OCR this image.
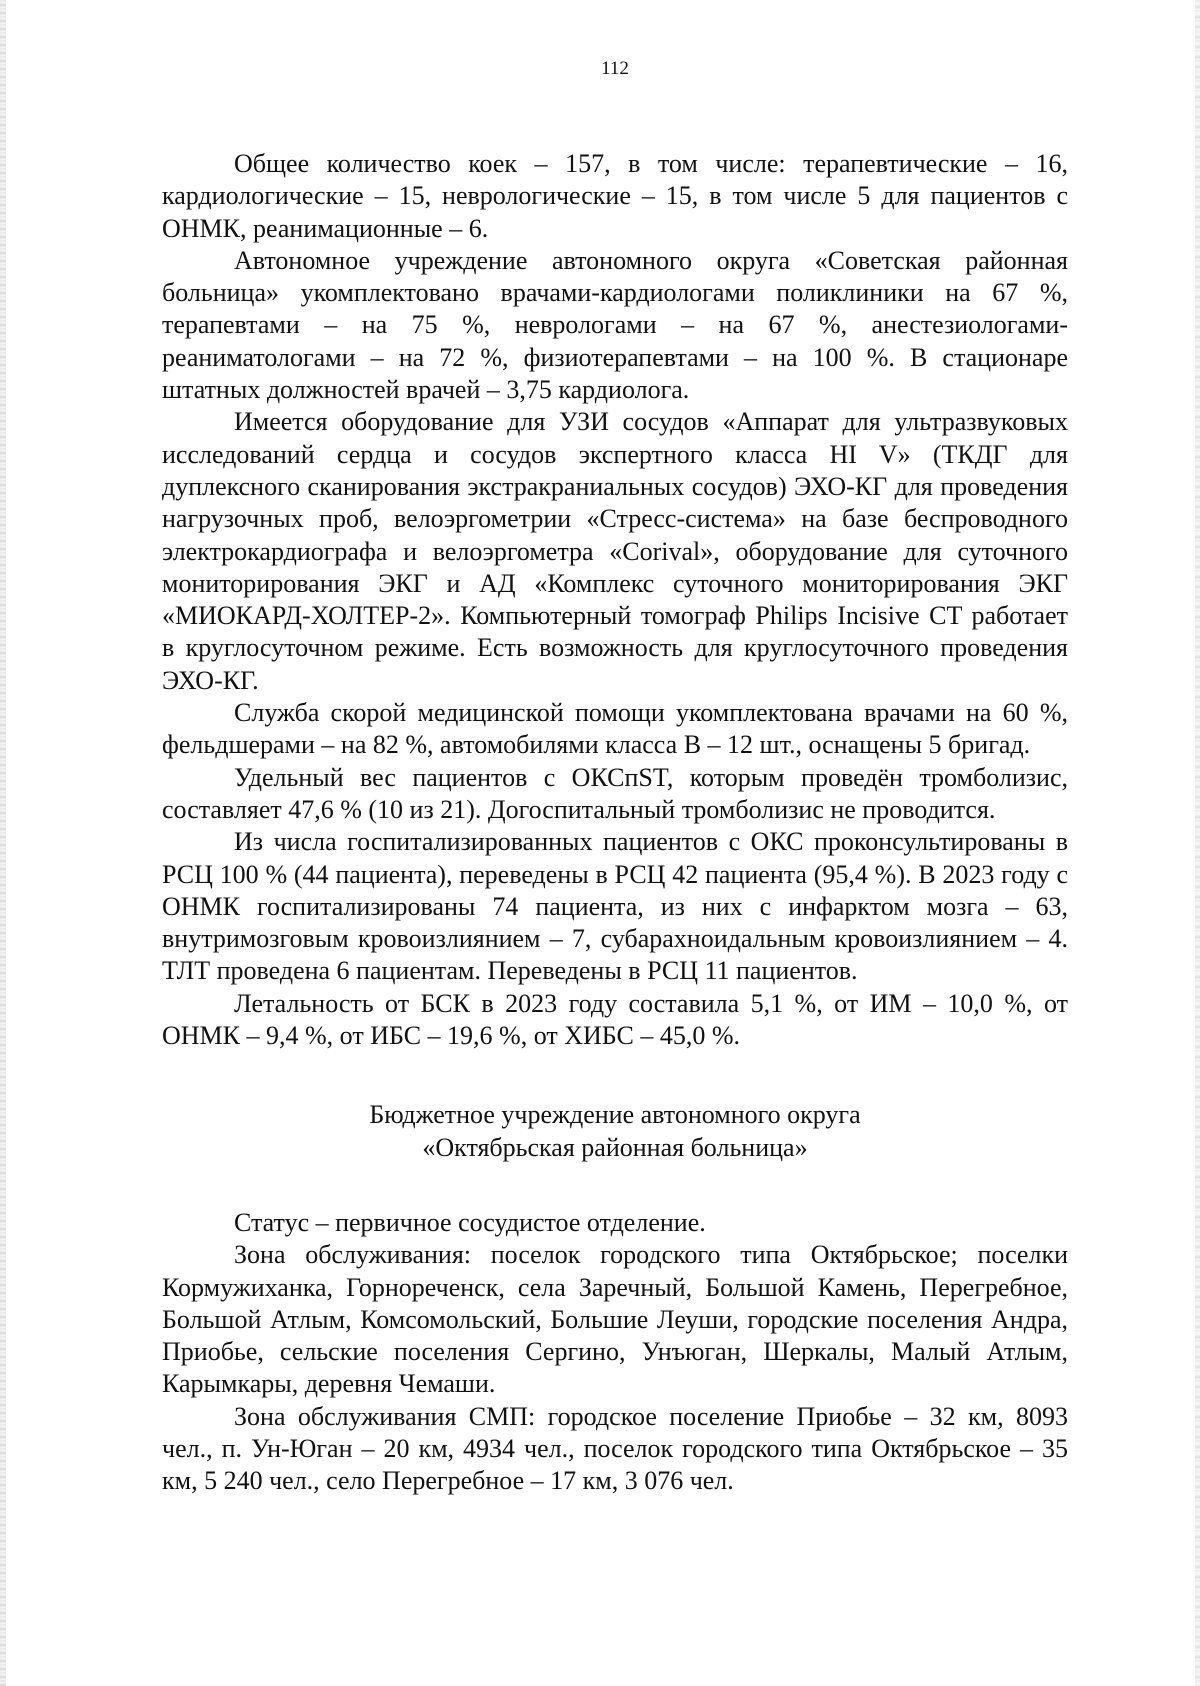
112

Общее количество коек – 157, в том числе: терапевтические – 16, кардиологические – 15, неврологические – 15, в том числе 5 для пациентов с ОНМК, реанимационные – 6.

Автономное учреждение автономного округа «Советская районная больница» укомплектовано врачами-кардиологами поликлиники на 67 %, терапевтами – на 75 %, неврологами – на 67 %, анестезиологами-реаниматологами – на 72 %, физиотерапевтами – на 100 %. В стационаре штатных должностей врачей – 3,75 кардиолога.

Имеется оборудование для УЗИ сосудов «Аппарат для ультразвуковых исследований сердца и сосудов экспертного класса HI V» (ТКДГ для дуплексного сканирования экстракраниальных сосудов) ЭХО-КГ для проведения нагрузочных проб, велоэргометрии «Стресс-система» на базе беспроводного электрокардиографа и велоэргометра «Corival», оборудование для суточного мониторирования ЭКГ и АД «Комплекс суточного мониторирования ЭКГ «МИОКАРД-ХОЛТЕР-2». Компьютерный томограф Philips Incisive CT работает в круглосуточном режиме. Есть возможность для круглосуточного проведения ЭХО-КГ.

Служба скорой медицинской помощи укомплектована врачами на 60 %, фельдшерами – на 82 %, автомобилями класса В – 12 шт., оснащены 5 бригад.

Удельный вес пациентов с ОКСпST, которым проведён тромболизис, составляет 47,6 % (10 из 21). Догоспитальный тромболизис не проводится.

Из числа госпитализированных пациентов с ОКС проконсультированы в РСЦ 100 % (44 пациента), переведены в РСЦ 42 пациента (95,4 %). В 2023 году с ОНМК госпитализированы 74 пациента, из них с инфарктом мозга – 63, внутримозговым кровоизлиянием – 7, субарахноидальным кровоизлиянием – 4. ТЛТ проведена 6 пациентам. Переведены в РСЦ 11 пациентов.

Летальность от БСК в 2023 году составила 5,1 %, от ИМ – 10,0 %, от ОНМК – 9,4 %, от ИБС – 19,6 %, от ХИБС – 45,0 %.

Бюджетное учреждение автономного округа
«Октябрьская районная больница»

Статус – первичное сосудистое отделение.

Зона обслуживания: поселок городского типа Октябрьское; поселки Кормужиханка, Горнореченск, села Заречный, Большой Камень, Перегребное, Большой Атлым, Комсомольский, Большие Леуши, городские поселения Андра, Приобье, сельские поселения Сергино, Унъюган, Шеркалы, Малый Атлым, Карымкары, деревня Чемаши.

Зона обслуживания СМП: городское поселение Приобье – 32 км, 8093 чел., п. Ун-Юган – 20 км, 4934 чел., поселок городского типа Октябрьское – 35 км, 5 240 чел., село Перегребное – 17 км, 3 076 чел.
